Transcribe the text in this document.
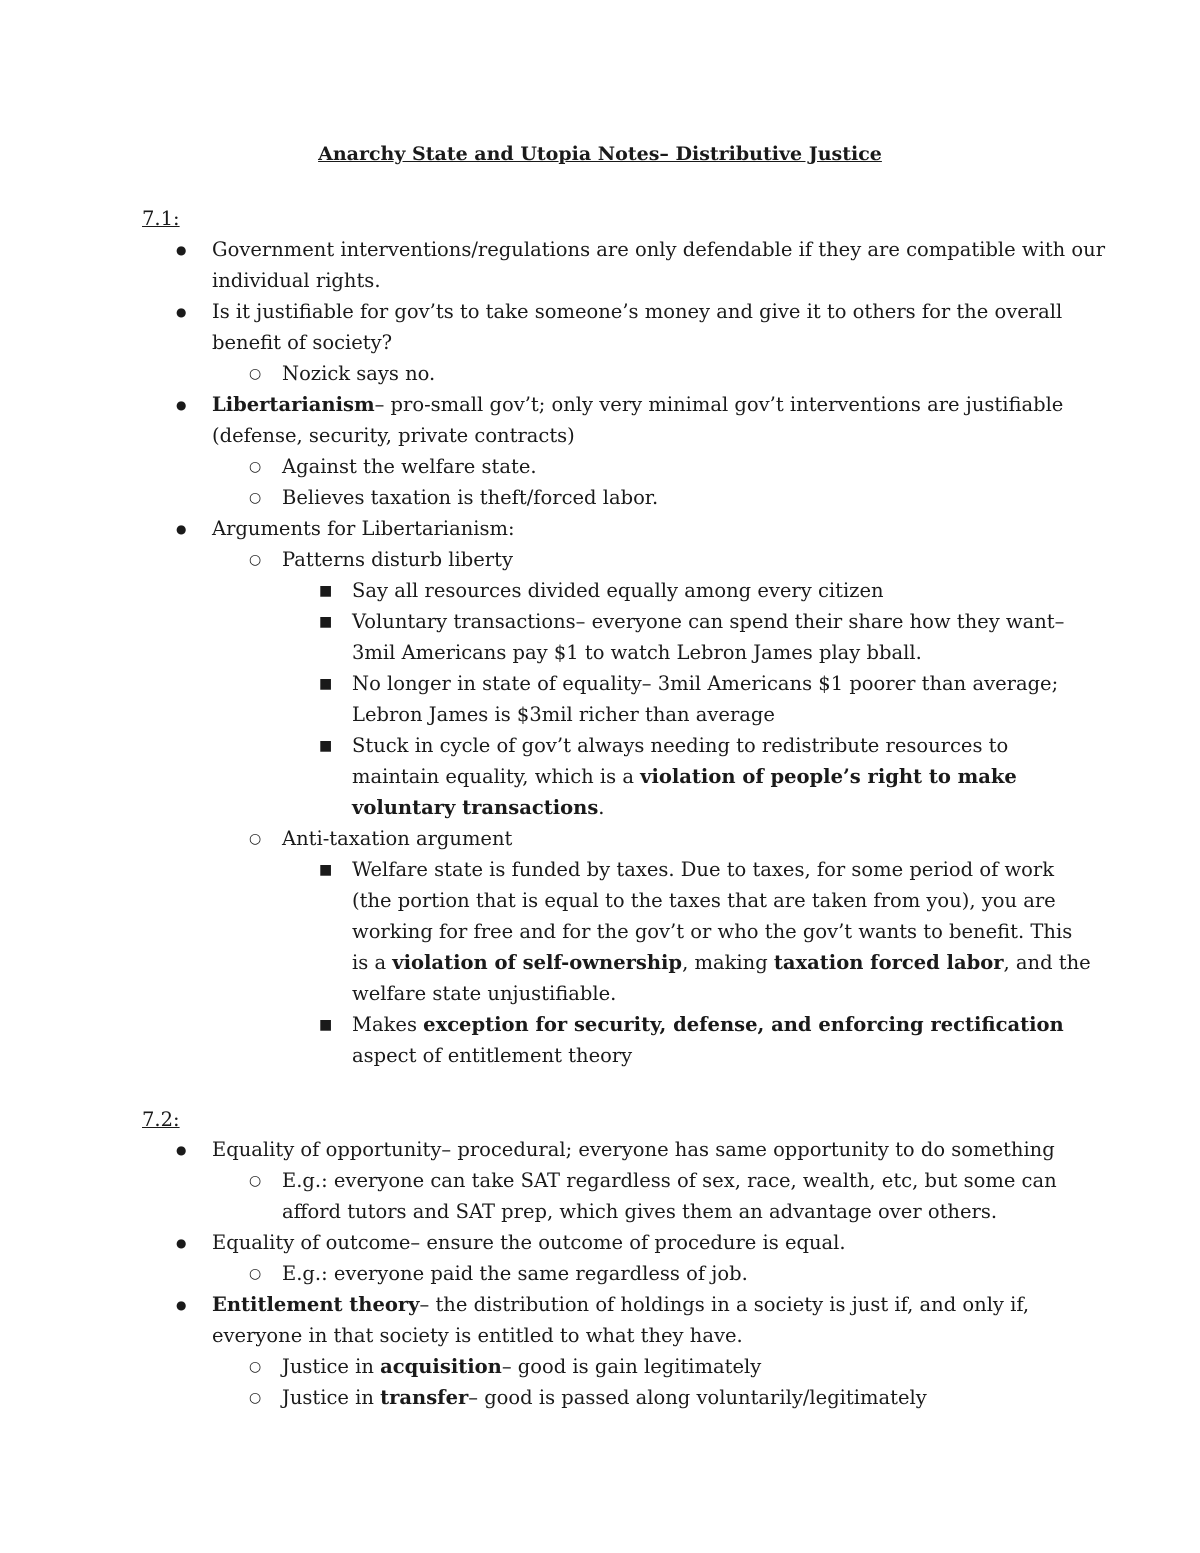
Anarchy State and Utopia Notes– Distributive Justice
7.1:
●
Government interventions/regulations are only defendable if they are compatible with our
individual rights.
●
Is it justifiable for gov’ts to take someone’s money and give it to others for the overall
benefit of society?
○
Nozick says no.
●
Libertarianism– pro-small gov’t; only very minimal gov’t interventions are justifiable
(defense, security, private contracts)
○
Against the welfare state.
○
Believes taxation is theft/forced labor.
●
Arguments for Libertarianism:
○
Patterns disturb liberty
■
Say all resources divided equally among every citizen
■
Voluntary transactions– everyone can spend their share how they want–
3mil Americans pay $1 to watch Lebron James play bball.
■
No longer in state of equality– 3mil Americans $1 poorer than average;
Lebron James is $3mil richer than average
■
Stuck in cycle of gov’t always needing to redistribute resources to
maintain equality, which is a violation of people’s right to make
voluntary transactions.
○
Anti-taxation argument
■
Welfare state is funded by taxes. Due to taxes, for some period of work
(the portion that is equal to the taxes that are taken from you), you are
working for free and for the gov’t or who the gov’t wants to benefit. This
is a violation of self-ownership, making taxation forced labor, and the
welfare state unjustifiable.
■
Makes exception for security, defense, and enforcing rectification
aspect of entitlement theory
7.2:
●
Equality of opportunity– procedural; everyone has same opportunity to do something
○
E.g.: everyone can take SAT regardless of sex, race, wealth, etc, but some can
afford tutors and SAT prep, which gives them an advantage over others.
●
Equality of outcome– ensure the outcome of procedure is equal.
○
E.g.: everyone paid the same regardless of job.
●
Entitlement theory– the distribution of holdings in a society is just if, and only if,
everyone in that society is entitled to what they have.
○
Justice in acquisition– good is gain legitimately
○
Justice in transfer– good is passed along voluntarily/legitimately
